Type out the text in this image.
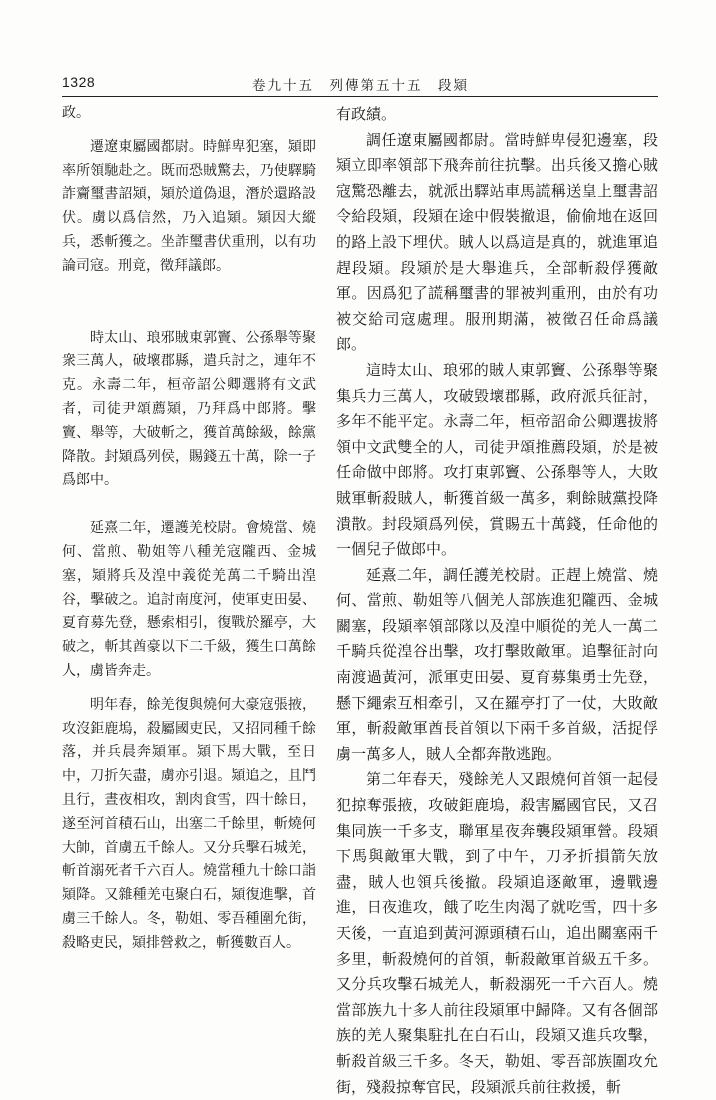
1328	卷九十五　列傳第五十五　段熲

政。

遷遼東屬國都尉。時鮮卑犯塞，熲即率所領馳赴之。既而恐賊驚去，乃使驛騎詐齎璽書詔熲，熲於道偽退，潛於還路設伏。虜以爲信然，乃入追熲。熲因大縱兵，悉斬獲之。坐詐璽書伏重刑，以有功論司寇。刑竟，徵拜議郎。

時太山、琅邪賊東郭竇、公孫舉等聚衆三萬人，破壞郡縣，遣兵討之，連年不克。永壽二年，桓帝詔公卿選將有文武者，司徒尹頌薦熲，乃拜爲中郎將。擊竇、舉等，大破斬之，獲首萬餘級，餘黨降散。封熲爲列侯，賜錢五十萬，除一子爲郎中。

延熹二年，遷護羌校尉。會燒當、燒何、當煎、勒姐等八種羌寇隴西、金城塞，熲將兵及湟中義從羌萬二千騎出湟谷，擊破之。追討南度河，使軍吏田晏、夏育募先登，懸索相引，復戰於羅亭，大破之，斬其酋豪以下二千級，獲生口萬餘人，虜皆奔走。

明年春，餘羌復與燒何大豪寇張掖，攻沒鉅鹿塢，殺屬國吏民，又招同種千餘落，并兵晨奔熲軍。熲下馬大戰，至日中，刀折矢盡，虜亦引退。熲追之，且鬥且行，晝夜相攻，割肉食雪，四十餘日，遂至河首積石山，出塞二千餘里，斬燒何大帥，首虜五千餘人。又分兵擊石城羌，斬首溺死者千六百人。燒當種九十餘口詣熲降。又雜種羌屯聚白石，熲復進擊，首虜三千餘人。冬，勒姐、零吾種圍允街，殺略吏民，熲排營救之，斬獲數百人。

有政績。

調任遼東屬國都尉。當時鮮卑侵犯邊塞，段熲立即率領部下飛奔前往抗擊。出兵後又擔心賊寇驚恐離去，就派出驛站車馬謊稱送皇上璽書詔令給段熲，段熲在途中假裝撤退，偷偷地在返回的路上設下埋伏。賊人以爲這是真的，就進軍追趕段熲。段熲於是大舉進兵，全部斬殺俘獲敵軍。因爲犯了謊稱璽書的罪被判重刑，由於有功被交給司寇處理。服刑期滿，被徵召任命爲議郎。

這時太山、琅邪的賊人東郭竇、公孫舉等聚集兵力三萬人，攻破毀壞郡縣，政府派兵征討，多年不能平定。永壽二年，桓帝詔命公卿選拔將領中文武雙全的人，司徒尹頌推薦段熲，於是被任命做中郎將。攻打東郭竇、公孫舉等人，大敗賊軍斬殺賊人，斬獲首級一萬多，剩餘賊黨投降潰散。封段熲爲列侯，賞賜五十萬錢，任命他的一個兒子做郎中。

延熹二年，調任護羌校尉。正趕上燒當、燒何、當煎、勒姐等八個羌人部族進犯隴西、金城關塞，段熲率領部隊以及湟中順從的羌人一萬二千騎兵從湟谷出擊，攻打擊敗敵軍。追擊征討向南渡過黃河，派軍吏田晏、夏育募集勇士先登，懸下繩索互相牽引，又在羅亭打了一仗，大敗敵軍，斬殺敵軍酋長首領以下兩千多首級，活捉俘虜一萬多人，賊人全都奔散逃跑。

第二年春天，殘餘羌人又跟燒何首領一起侵犯掠奪張掖，攻破鉅鹿塢，殺害屬國官民，又召集同族一千多支，聯軍星夜奔襲段熲軍營。段熲下馬與敵軍大戰，到了中午，刀矛折損箭矢放盡，賊人也領兵後撤。段熲追逐敵軍，邊戰邊進，日夜進攻，餓了吃生肉渴了就吃雪，四十多天後，一直追到黃河源頭積石山，追出關塞兩千多里，斬殺燒何的首領，斬殺敵軍首級五千多。又分兵攻擊石城羌人，斬殺溺死一千六百人。燒當部族九十多人前往段熲軍中歸降。又有各個部族的羌人聚集駐扎在白石山，段熲又進兵攻擊，斬殺首級三千多。冬天，勒姐、零吾部族圍攻允街，殘殺掠奪官民，段熲派兵前往救援，斬
